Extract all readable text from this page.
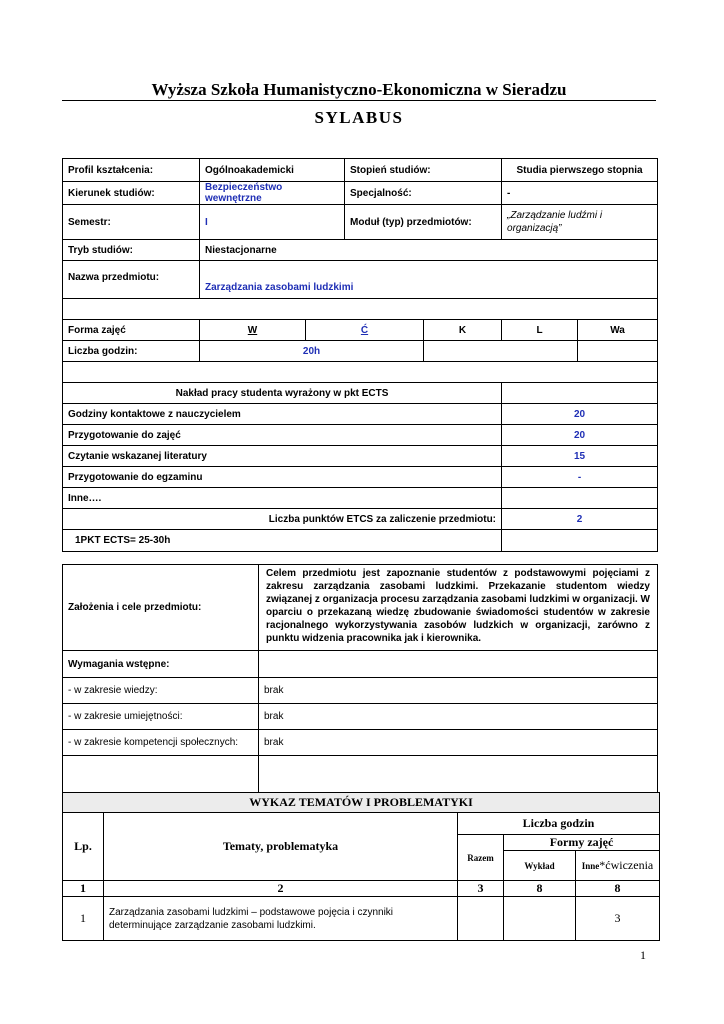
Wyższa Szkoła Humanistyczno-Ekonomiczna w Sieradzu
SYLABUS
Profil kształcenia:	Ogólnoakademicki		Stopień studiów:		Studia pierwszego stopnia		
Kierunek studiów:	Bezpieczeństwo wewnętrzne		Specjalność:		-		
Semestr:	I		Moduł (typ) przedmiotów:		„Zarządzanie ludźmi i organizacją”		
Tryb studiów:	Niestacjonarne						
Nazwa przedmiotu:	Zarządzania zasobami ludzkimi						

Forma zajęć	W	Ć		K	L	Wa	
Liczba godzin:	20h						

Nakład pracy studenta wyrażony w pkt ECTS							
Godziny kontaktowe z nauczycielem					20		
Przygotowanie do zajęć					20		
Czytanie wskazanej literatury					15		
Przygotowanie do egzaminu					-		
Inne….							
Liczba punktów ETCS za zaliczenie przedmiotu:					2		
1PKT ECTS= 25-30h							
Założenia i cele przedmiotu:	Celem przedmiotu jest zapoznanie studentów z podstawowymi pojęciami z zakresu zarządzania zasobami ludzkimi. Przekazanie studentom wiedzy związanej z organizacja procesu zarządzania zasobami ludzkimi w organizacji. W oparciu o przekazaną wiedzę zbudowanie świadomości studentów w zakresie racjonalnego wykorzystywania zasobów ludzkich w organizacji, zarówno z punktu widzenia pracownika jak i kierownika.
Wymagania wstępne:	
- w zakresie wiedzy:	brak
- w zakresie umiejętności:	brak
- w zakresie kompetencji społecznych:	brak

WYKAZ TEMATÓW I PROBLEMATYKI				
Lp.	Tematy, problematyka	Liczba godzin		
		Razem	Formy zajęć	
			Wykład	Inne*ćwiczenia
1	2	3	8	8
1	Zarządzania zasobami ludzkimi – podstawowe pojęcia i czynniki determinujące zarządzanie zasobami ludzkimi.			3
1
